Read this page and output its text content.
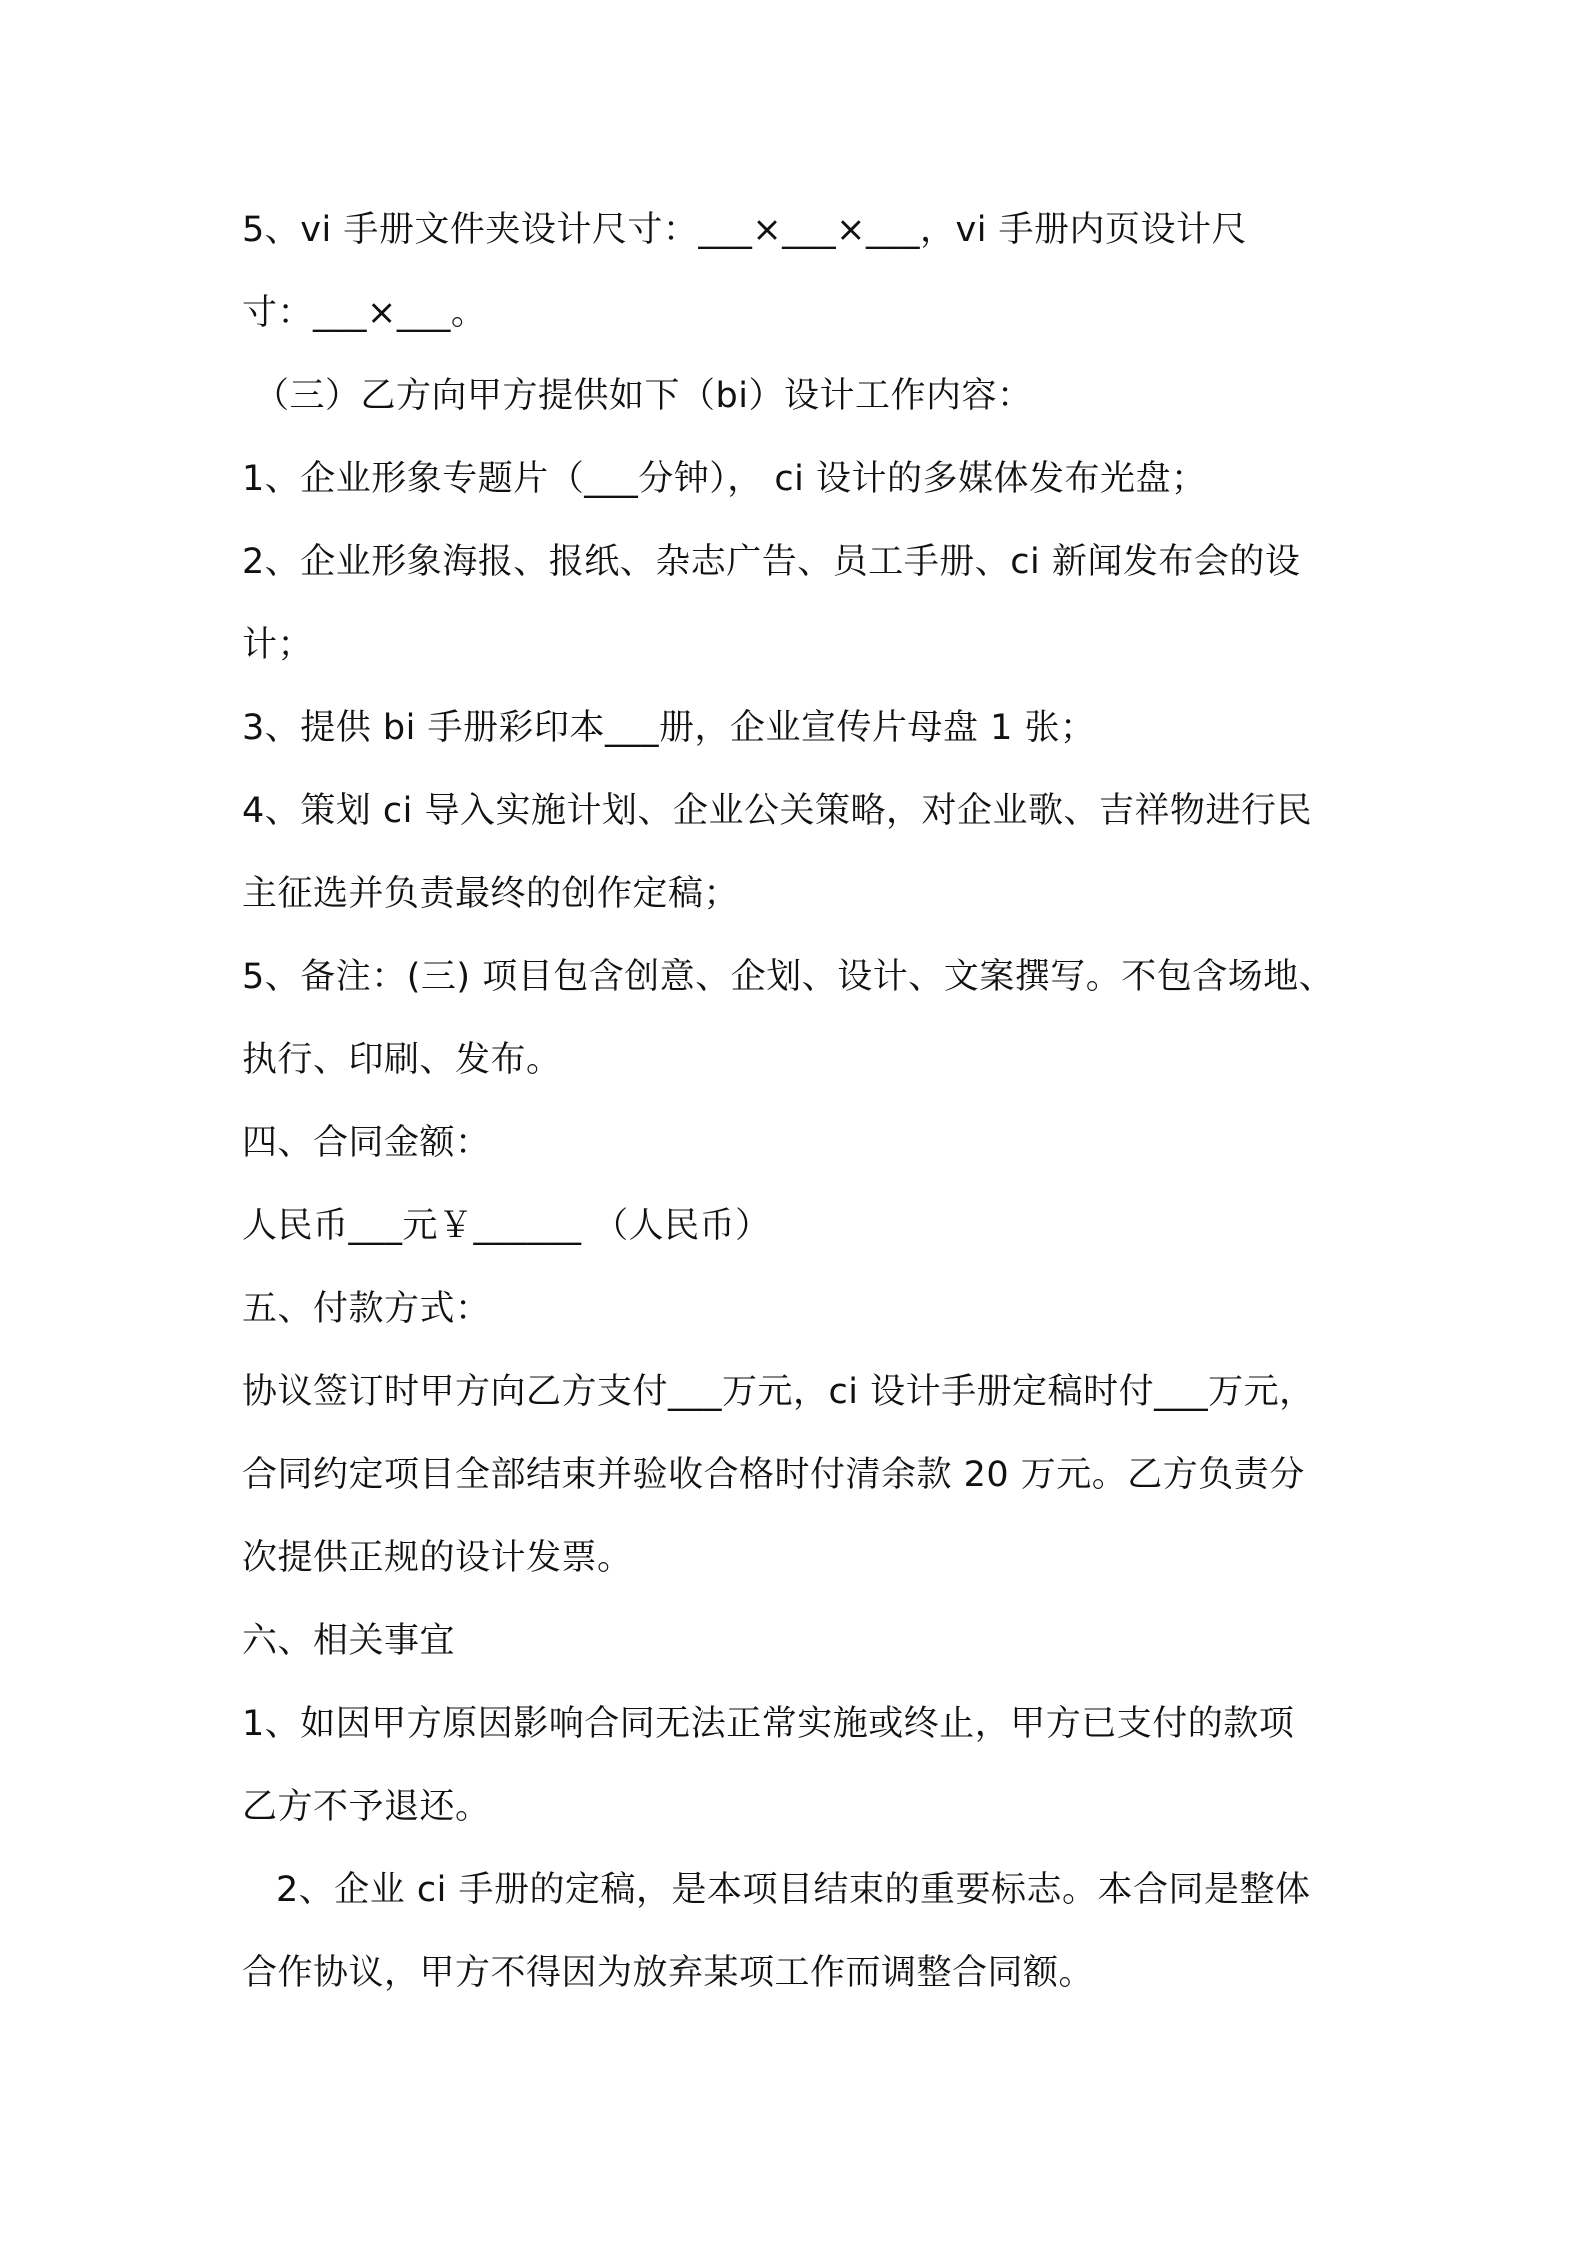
5、vi 手册文件夹设计尺寸：___×___×___，vi 手册内页设计尺
寸：___×___。
（三）乙方向甲方提供如下（bi）设计工作内容：
1、企业形象专题片（___分钟）， ci 设计的多媒体发布光盘；
2、企业形象海报、报纸、杂志广告、员工手册、ci 新闻发布会的设
计；
3、提供 bi 手册彩印本___册，企业宣传片母盘 1 张；
4、策划 ci 导入实施计划、企业公关策略，对企业歌、吉祥物进行民
主征选并负责最终的创作定稿；
5、备注：(三) 项目包含创意、企划、设计、文案撰写。不包含场地、
执行、印刷、发布。
四、合同金额：
人民币___元￥______ （人民币）
五、付款方式：
协议签订时甲方向乙方支付___万元，ci 设计手册定稿时付___万元，
合同约定项目全部结束并验收合格时付清余款 20 万元。乙方负责分
次提供正规的设计发票。
六、相关事宜
1、如因甲方原因影响合同无法正常实施或终止，甲方已支付的款项
乙方不予退还。
2、企业 ci 手册的定稿，是本项目结束的重要标志。本合同是整体
合作协议，甲方不得因为放弃某项工作而调整合同额。
